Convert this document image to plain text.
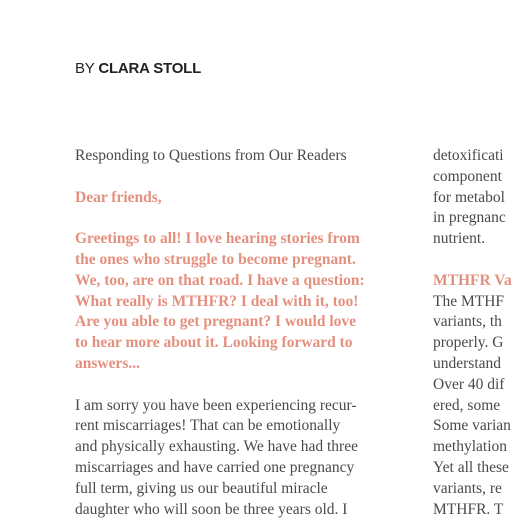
BY CLARA STOLL
Responding to Questions from Our Readers
Dear friends,
Greetings to all! I love hearing stories from
the ones who struggle to become pregnant.
We, too, are on that road. I have a question:
What really is MTHFR? I deal with it, too!
Are you able to get pregnant? I would love
to hear more about it. Looking forward to
answers...
I am sorry you have been experiencing recur-
rent miscarriages! That can be emotionally
and physically exhausting. We have had three
miscarriages and have carried one pregnancy
full term, giving us our beautiful miracle
daughter who will soon be three years old. I
detoxificati
component
for metabol
in pregnanc
nutrient.
MTHFR Va
The MTHF
variants, th
properly. G
understand
Over 40 dif
ered, some
Some varian
methylation
Yet all these
variants, re
MTHFR. T
